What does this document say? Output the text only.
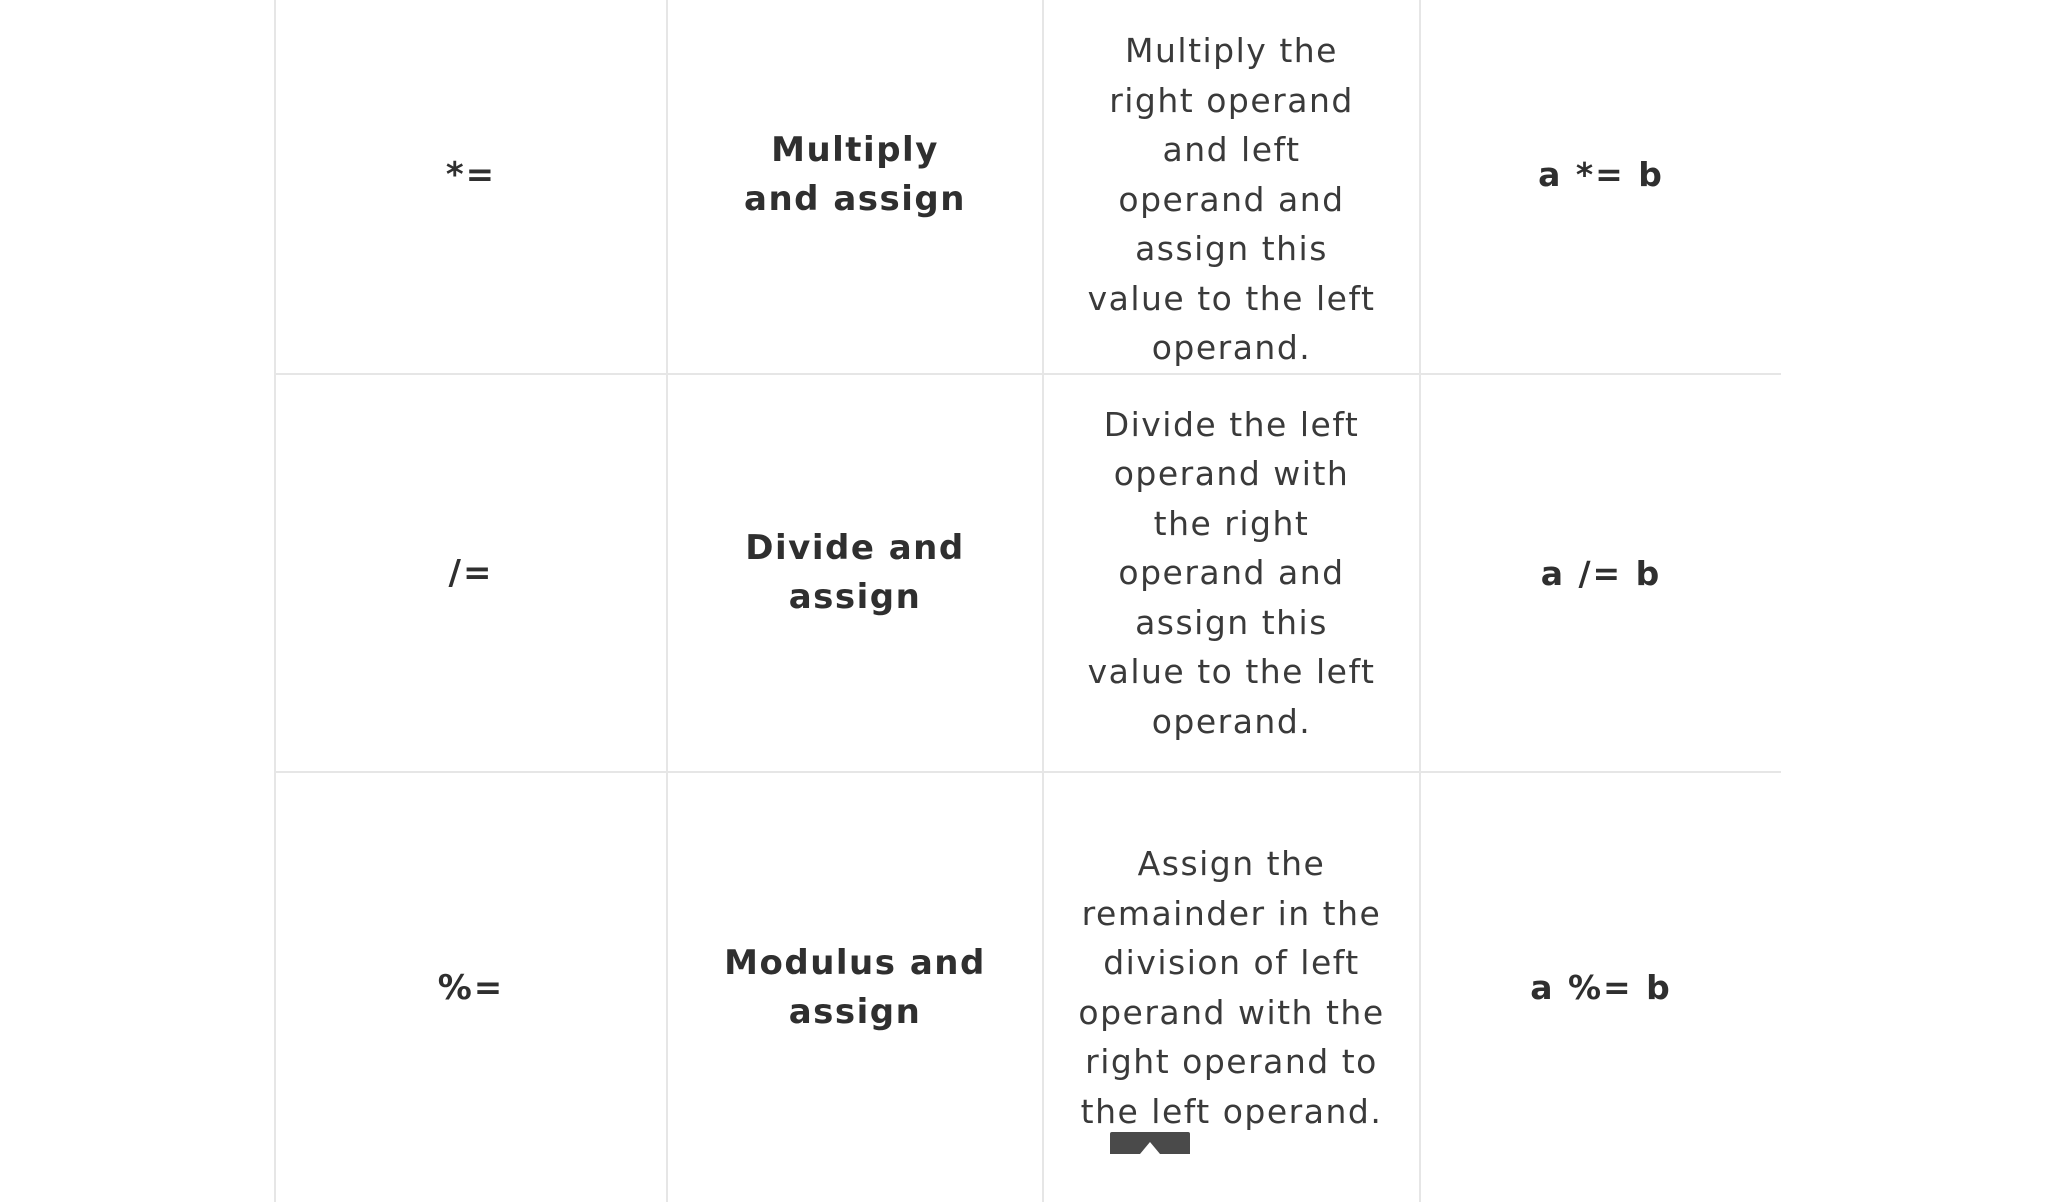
*=	Multiply and assign	Multiply the right operand and left operand and assign this value to the left operand.	a *= b
/=	Divide and assign	Divide the left operand with the right operand and assign this value to the left operand.	a /= b
%=	Modulus and assign	Assign the remainder in the division of left operand with the right operand to the left operand.	a %= b
